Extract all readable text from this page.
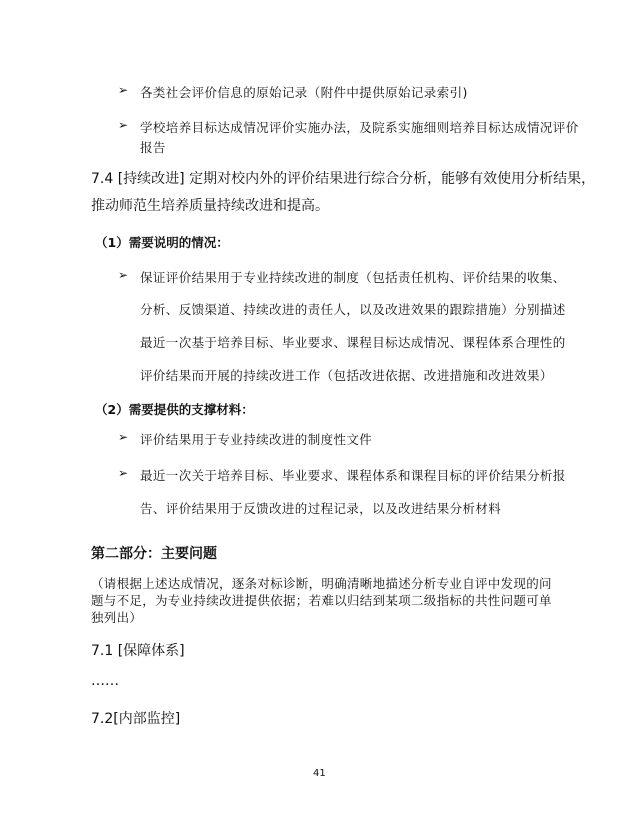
➢ 各类社会评价信息的原始记录（附件中提供原始记录索引)
➢ 学校培养目标达成情况评价实施办法，及院系实施细则培养目标达成情况评价
报告
7.4 [持续改进] 定期对校内外的评价结果进行综合分析，能够有效使用分析结果，
推动师范生培养质量持续改进和提高。
（1）需要说明的情况：
➢ 保证评价结果用于专业持续改进的制度（包括责任机构、评价结果的收集、
分析、反馈渠道、持续改进的责任人，以及改进效果的跟踪措施）分别描述
最近一次基于培养目标、毕业要求、课程目标达成情况、课程体系合理性的
评价结果而开展的持续改进工作（包括改进依据、改进措施和改进效果）
（2）需要提供的支撑材料：
➢ 评价结果用于专业持续改进的制度性文件
➢ 最近一次关于培养目标、毕业要求、课程体系和课程目标的评价结果分析报
告、评价结果用于反馈改进的过程记录，以及改进结果分析材料
第二部分：主要问题
（请根据上述达成情况，逐条对标诊断，明确清晰地描述分析专业自评中发现的问
题与不足，为专业持续改进提供依据；若难以归结到某项二级指标的共性问题可单
独列出）
7.1 [保障体系]
……
7.2[内部监控]
41
